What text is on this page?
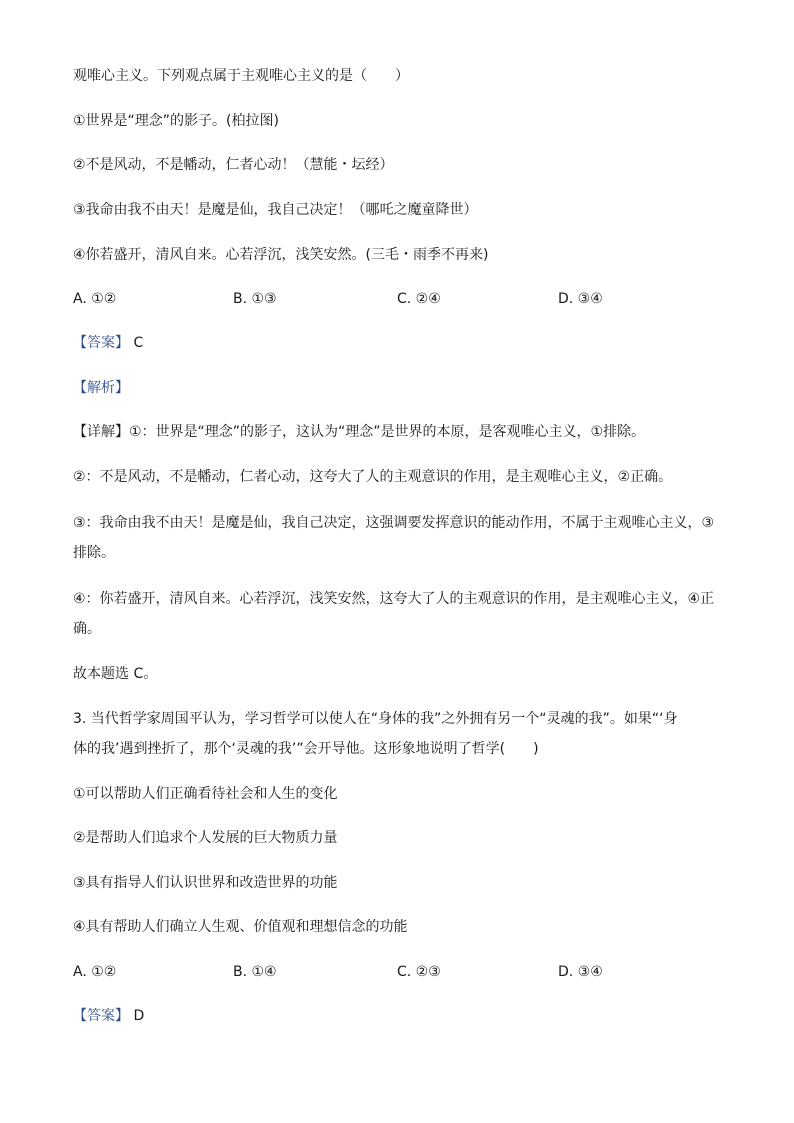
观唯心主义。下列观点属于主观唯心主义的是（　　）
①世界是“理念”的影子。(柏拉图)
②不是风动，不是幡动，仁者心动！（慧能・坛经）
③我命由我不由天！是魔是仙，我自己决定！（哪吒之魔童降世）
④你若盛开，清风自来。心若浮沉，浅笑安然。(三毛・雨季不再来)
A. ①②	B. ①③	C. ②④	D. ③④
【答案】 C
【解析】
【详解】①：世界是“理念”的影子，这认为“理念”是世界的本原，是客观唯心主义，①排除。
②：不是风动，不是幡动，仁者心动，这夸大了人的主观意识的作用，是主观唯心主义，②正确。
③：我命由我不由天！是魔是仙，我自己决定，这强调要发挥意识的能动作用，不属于主观唯心主义，③
排除。
④：你若盛开，清风自来。心若浮沉，浅笑安然，这夸大了人的主观意识的作用，是主观唯心主义，④正
确。
故本题选 C。
3. 当代哲学家周国平认为，学习哲学可以使人在“身体的我”之外拥有另一个“灵魂的我”。如果“‘身
体的我’遇到挫折了，那个‘灵魂的我’”会开导他。这形象地说明了哲学(　　)
①可以帮助人们正确看待社会和人生的变化
②是帮助人们追求个人发展的巨大物质力量
③具有指导人们认识世界和改造世界的功能
④具有帮助人们确立人生观、价值观和理想信念的功能
A. ①②	B. ①④	C. ②③	D. ③④
【答案】 D
